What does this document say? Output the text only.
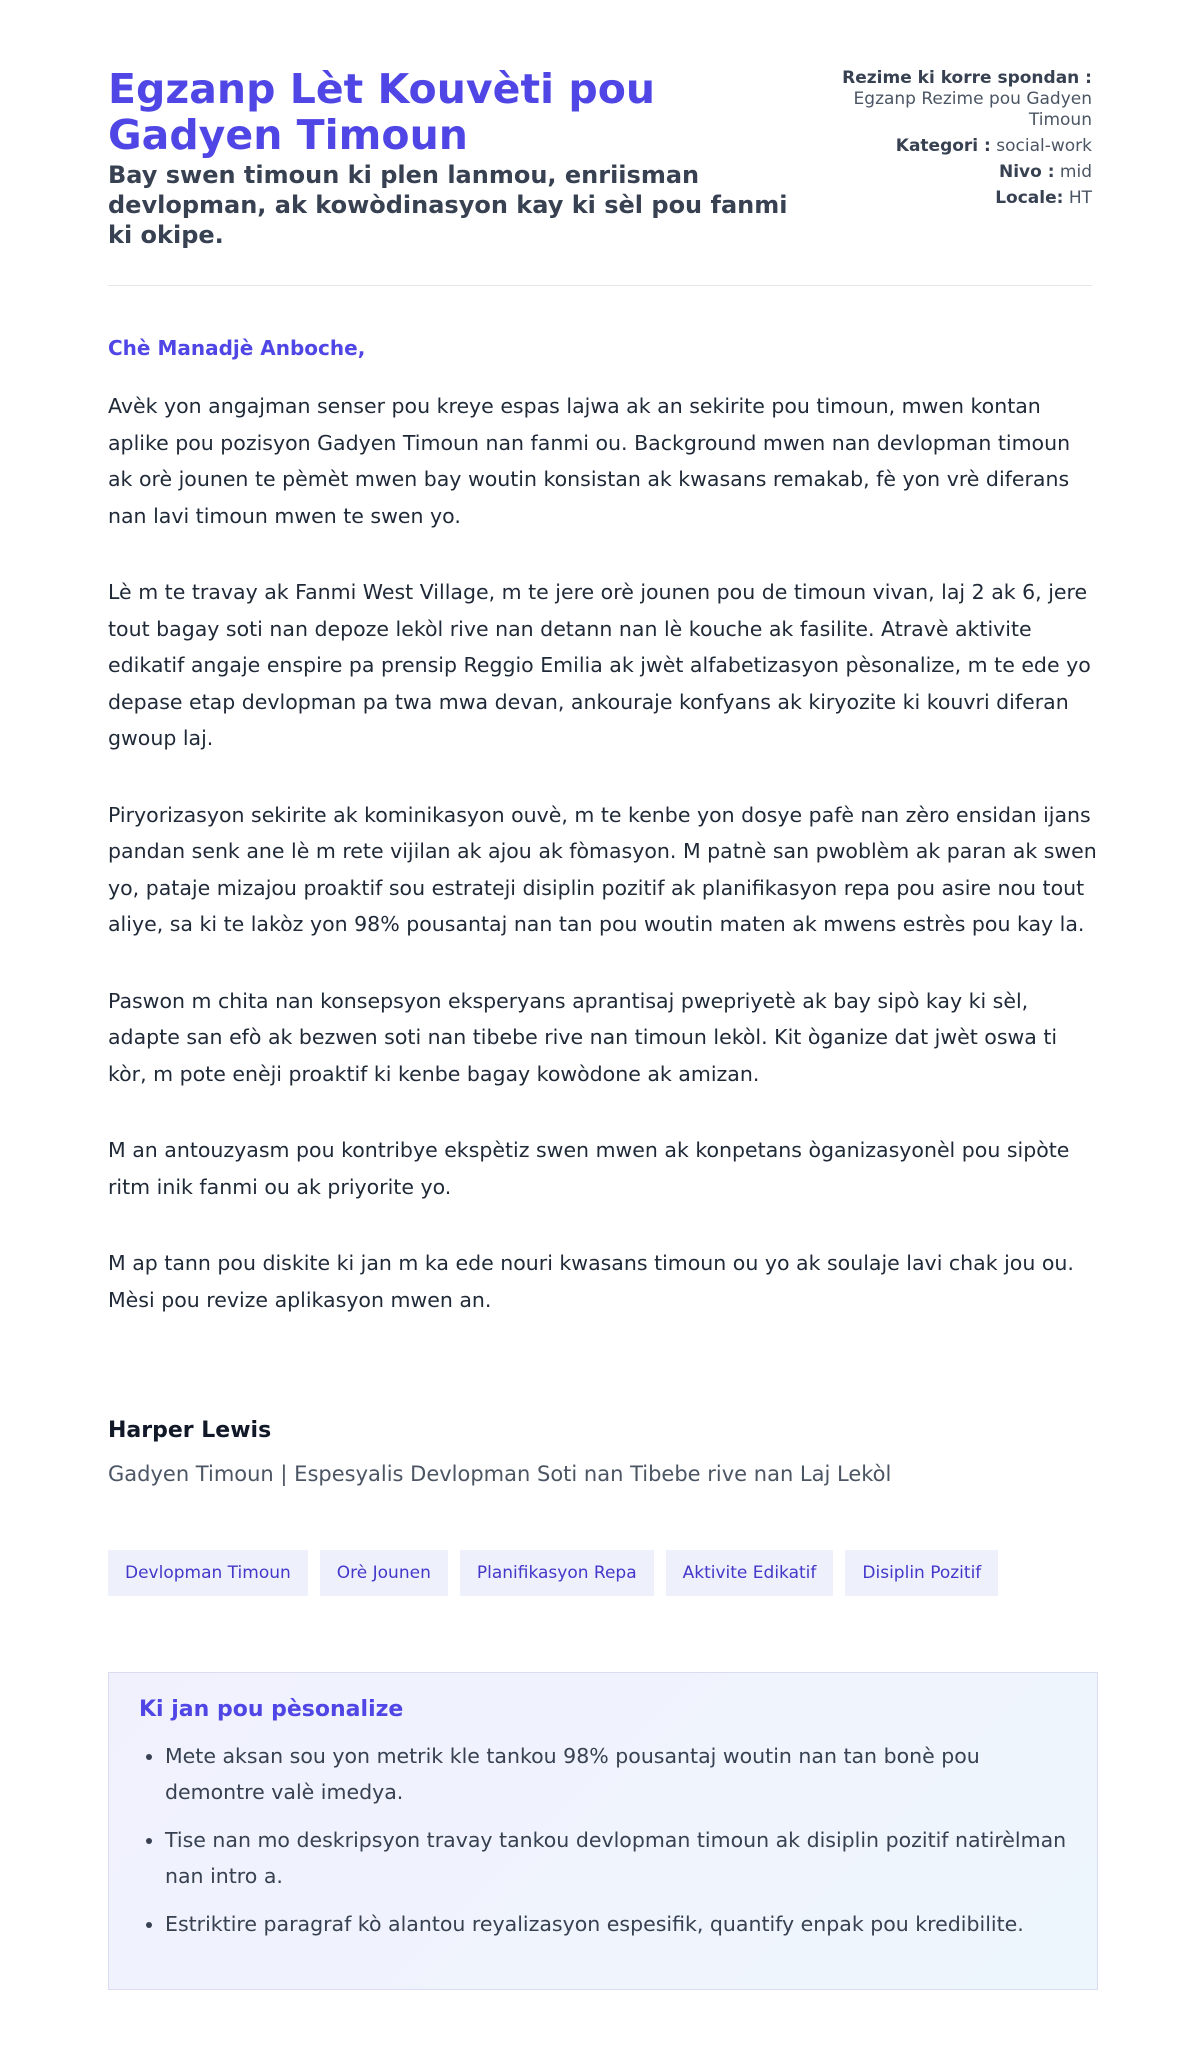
Egzanp Lèt Kouvèti pou Gadyen Timoun
Bay swen timoun ki plen lanmou, enriisman devlopman, ak kowòdinasyon kay ki sèl pou fanmi ki okipe.
Rezime ki korre spondan :
Egzanp Rezime pou Gadyen Timoun
Kategori : social-work
Nivo : mid
Locale: HT
Chè Manadjè Anboche,

Avèk yon angajman senser pou kreye espas lajwa ak an sekirite pou timoun, mwen kontan aplike pou pozisyon Gadyen Timoun nan fanmi ou. Background mwen nan devlopman timoun ak orè jounen te pèmèt mwen bay woutin konsistan ak kwasans remakab, fè yon vrè diferans nan lavi timoun mwen te swen yo.

Lè m te travay ak Fanmi West Village, m te jere orè jounen pou de timoun vivan, laj 2 ak 6, jere tout bagay soti nan depoze lekòl rive nan detann nan lè kouche ak fasilite. Atravè aktivite edikatif angaje enspire pa prensip Reggio Emilia ak jwèt alfabetizasyon pèsonalize, m te ede yo depase etap devlopman pa twa mwa devan, ankouraje konfyans ak kiryozite ki kouvri diferan gwoup laj.

Piryorizasyon sekirite ak kominikasyon ouvè, m te kenbe yon dosye pafè nan zèro ensidan ijans pandan senk ane lè m rete vijilan ak ajou ak fòmasyon. M patnè san pwoblèm ak paran ak swen yo, pataje mizajou proaktif sou estrateji disiplin pozitif ak planifikasyon repa pou asire nou tout aliye, sa ki te lakòz yon 98% pousantaj nan tan pou woutin maten ak mwens estrès pou kay la.

Paswon m chita nan konsepsyon eksperyans aprantisaj pwepriyetè ak bay sipò kay ki sèl, adapte san efò ak bezwen soti nan tibebe rive nan timoun lekòl. Kit òganize dat jwèt oswa ti kòr, m pote enèji proaktif ki kenbe bagay kowòdone ak amizan.

M an antouzyasm pou kontribye ekspètiz swen mwen ak konpetans òganizasyonèl pou sipòte ritm inik fanmi ou ak priyorite yo.

M ap tann pou diskite ki jan m ka ede nouri kwasans timoun ou yo ak soulaje lavi chak jou ou. Mèsi pou revize aplikasyon mwen an.

Harper Lewis
Gadyen Timoun | Espesyalis Devlopman Soti nan Tibebe rive nan Laj Lekòl
Devlopman Timoun	Orè Jounen	Planifikasyon Repa	Aktivite Edikatif	Disiplin Pozitif
Ki jan pou pèsonalize
• Mete aksan sou yon metrik kle tankou 98% pousantaj woutin nan tan bonè pou demontre valè imedya.
• Tise nan mo deskripsyon travay tankou devlopman timoun ak disiplin pozitif natirèlman nan intro a.
• Estriktire paragraf kò alantou reyalizasyon espesifik, quantify enpak pou kredibilite.
